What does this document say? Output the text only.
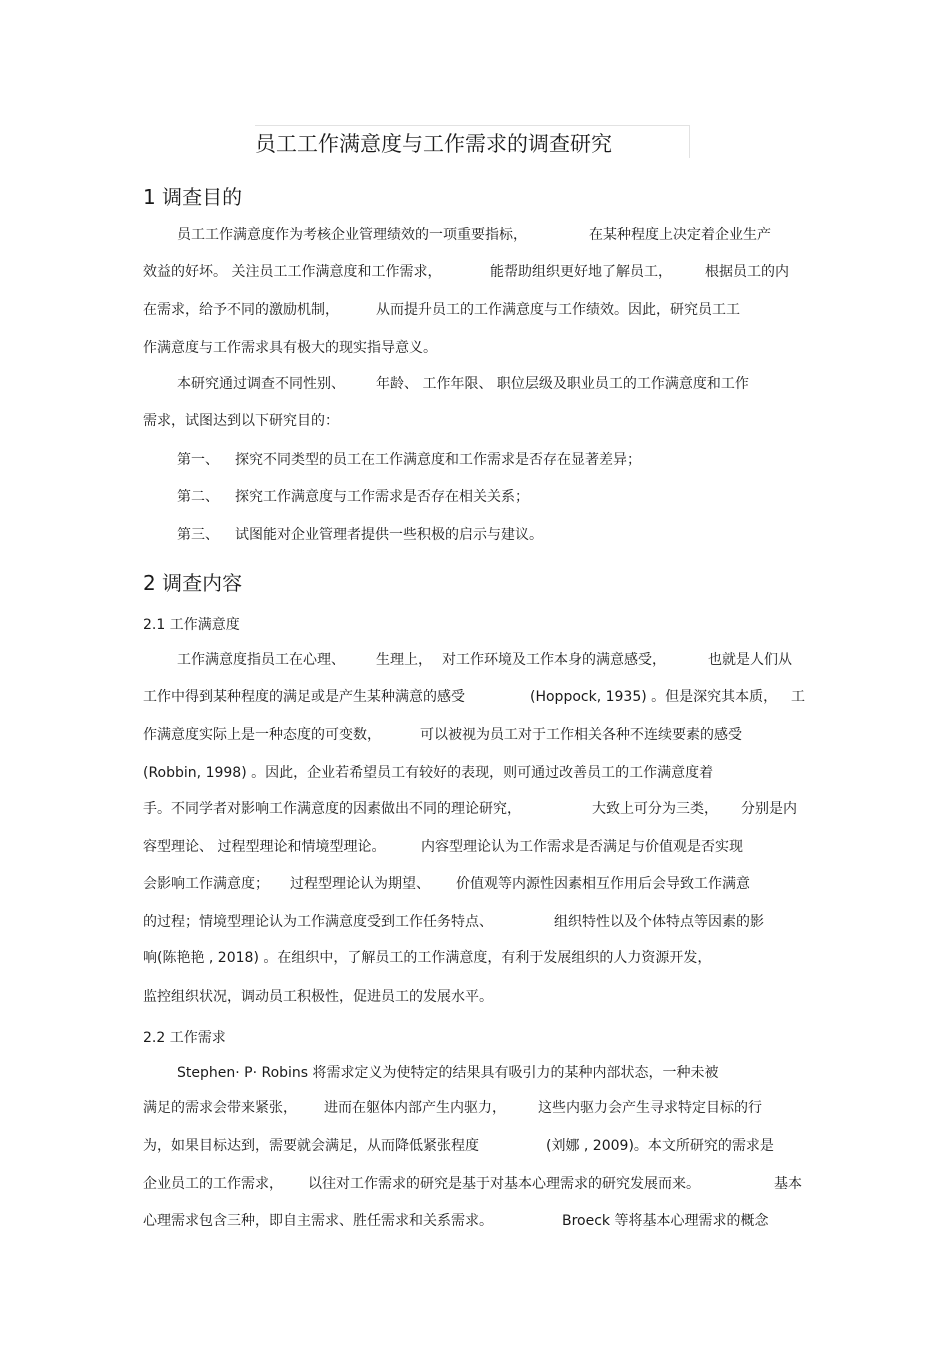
员工工作满意度与工作需求的调查研究
1 调查目的
员工工作满意度作为考核企业管理绩效的一项重要指标，	在某种程度上决定着企业生产
效益的好坏。 关注员工工作满意度和工作需求，	能帮助组织更好地了解员工， 根据员工的内
在需求，给予不同的激励机制，	从而提升员工的工作满意度与工作绩效。因此，研究员工工
作满意度与工作需求具有极大的现实指导意义。
本研究通过调查不同性别、 年龄、 工作年限、 职位层级及职业员工的工作满意度和工作
需求，试图达到以下研究目的：
第一、 探究不同类型的员工在工作满意度和工作需求是否存在显著差异；
第二、 探究工作满意度与工作需求是否存在相关关系；
第三、 试图能对企业管理者提供一些积极的启示与建议。
2 调查内容
2.1 工作满意度
工作满意度指员工在心理、 生理上， 对工作环境及工作本身的满意感受，	也就是人们从
工作中得到某种程度的满足或是产生某种满意的感受	(Hoppock, 1935) 。但是深究其本质， 工
作满意度实际上是一种态度的可变数，	可以被视为员工对于工作相关各种不连续要素的感受
(Robbin, 1998) 。因此，企业若希望员工有较好的表现，则可通过改善员工的工作满意度着
手。不同学者对影响工作满意度的因素做出不同的理论研究，	大致上可分为三类， 分别是内
容型理论、 过程型理论和情境型理论。	内容型理论认为工作需求是否满足与价值观是否实现
会影响工作满意度； 过程型理论认为期望、 价值观等内源性因素相互作用后会导致工作满意
的过程；情境型理论认为工作满意度受到工作任务特点、	组织特性以及个体特点等因素的影
响(陈艳艳 , 2018) 。在组织中，了解员工的工作满意度，有利于发展组织的人力资源开发，
监控组织状况，调动员工积极性，促进员工的发展水平。
2.2 工作需求
Stephen· P· Robins 将需求定义为使特定的结果具有吸引力的某种内部状态，一种未被
满足的需求会带来紧张， 进而在躯体内部产生内驱力， 这些内驱力会产生寻求特定目标的行
为，如果目标达到，需要就会满足，从而降低紧张程度	(刘娜 , 2009)。本文所研究的需求是
企业员工的工作需求， 以往对工作需求的研究是基于对基本心理需求的研究发展而来。	基本
心理需求包含三种，即自主需求、胜任需求和关系需求。	Broeck 等将基本心理需求的概念
